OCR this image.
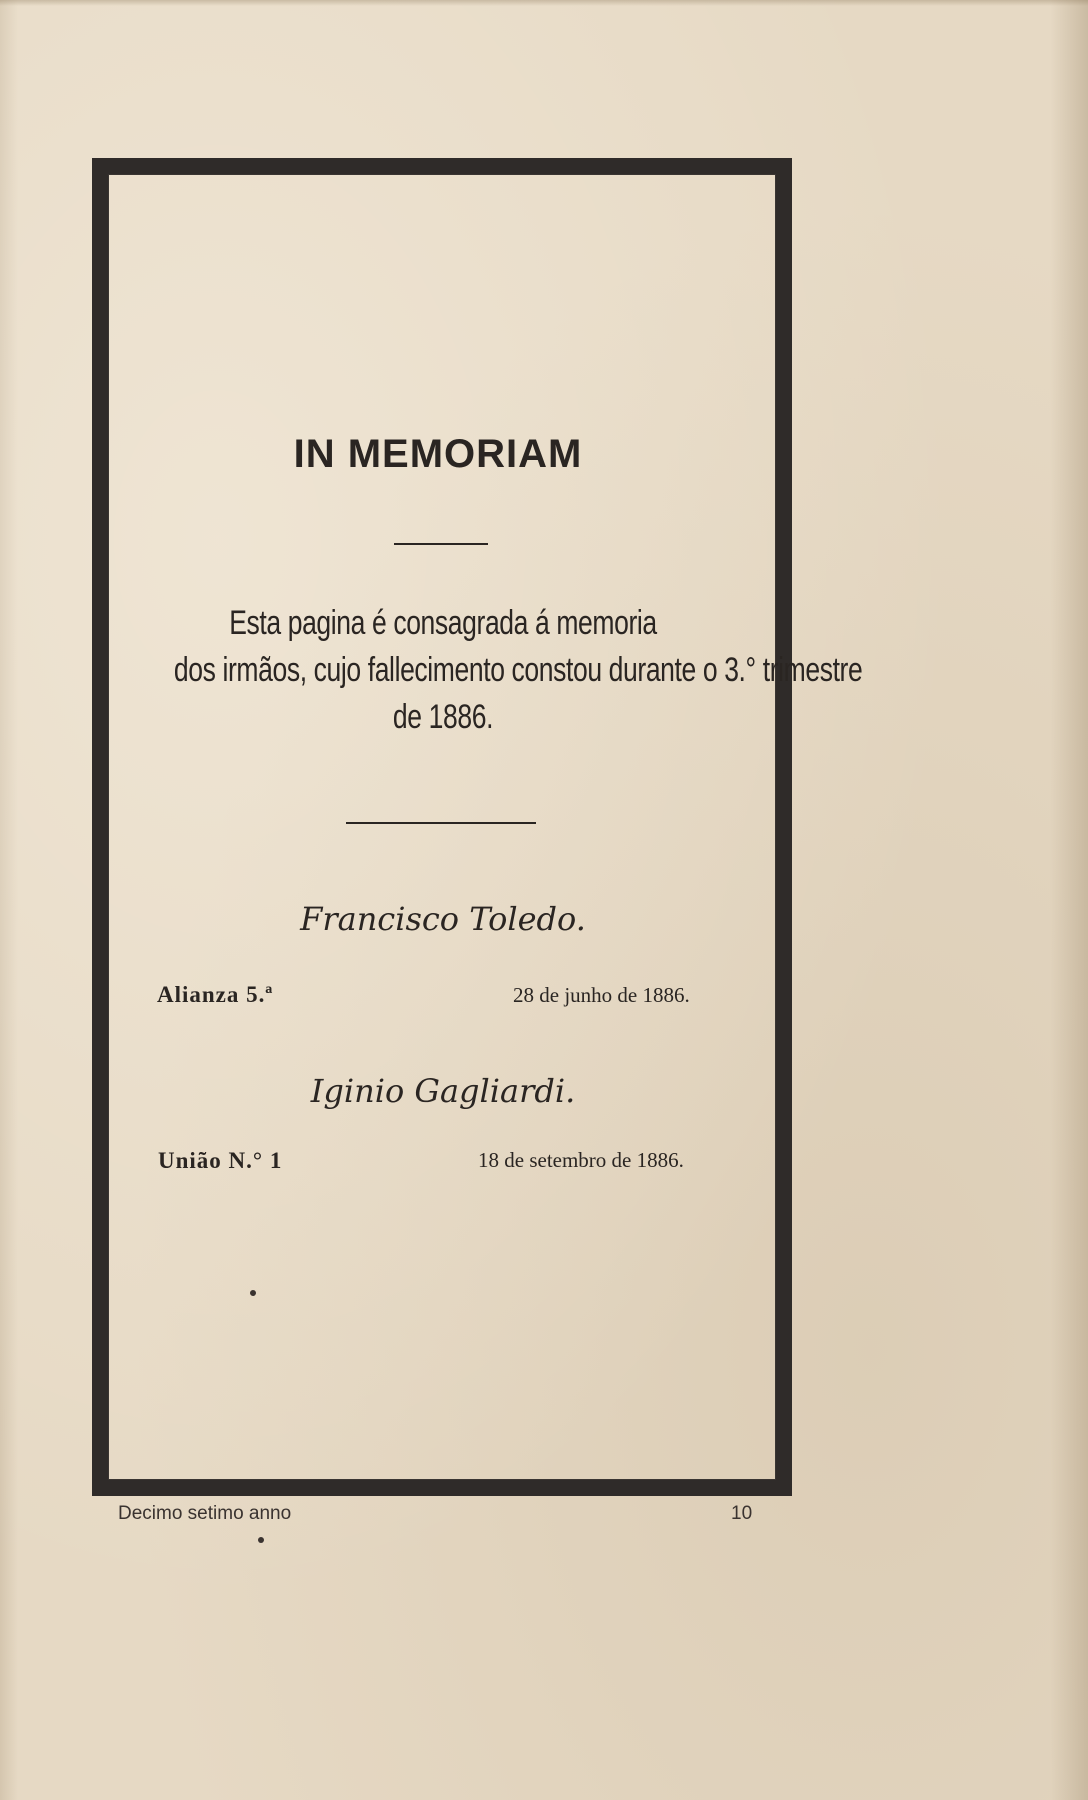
IN MEMORIAM
Esta pagina é consagrada á memoria
dos irmãos, cujo fallecimento constou durante o 3.° trimestre
de 1886.
Francisco Toledo.
Alianza 5.ª	28 de junho de 1886.
Iginio Gagliardi.
União N.° 1	18 de setembro de 1886.
Decimo setimo anno	10
